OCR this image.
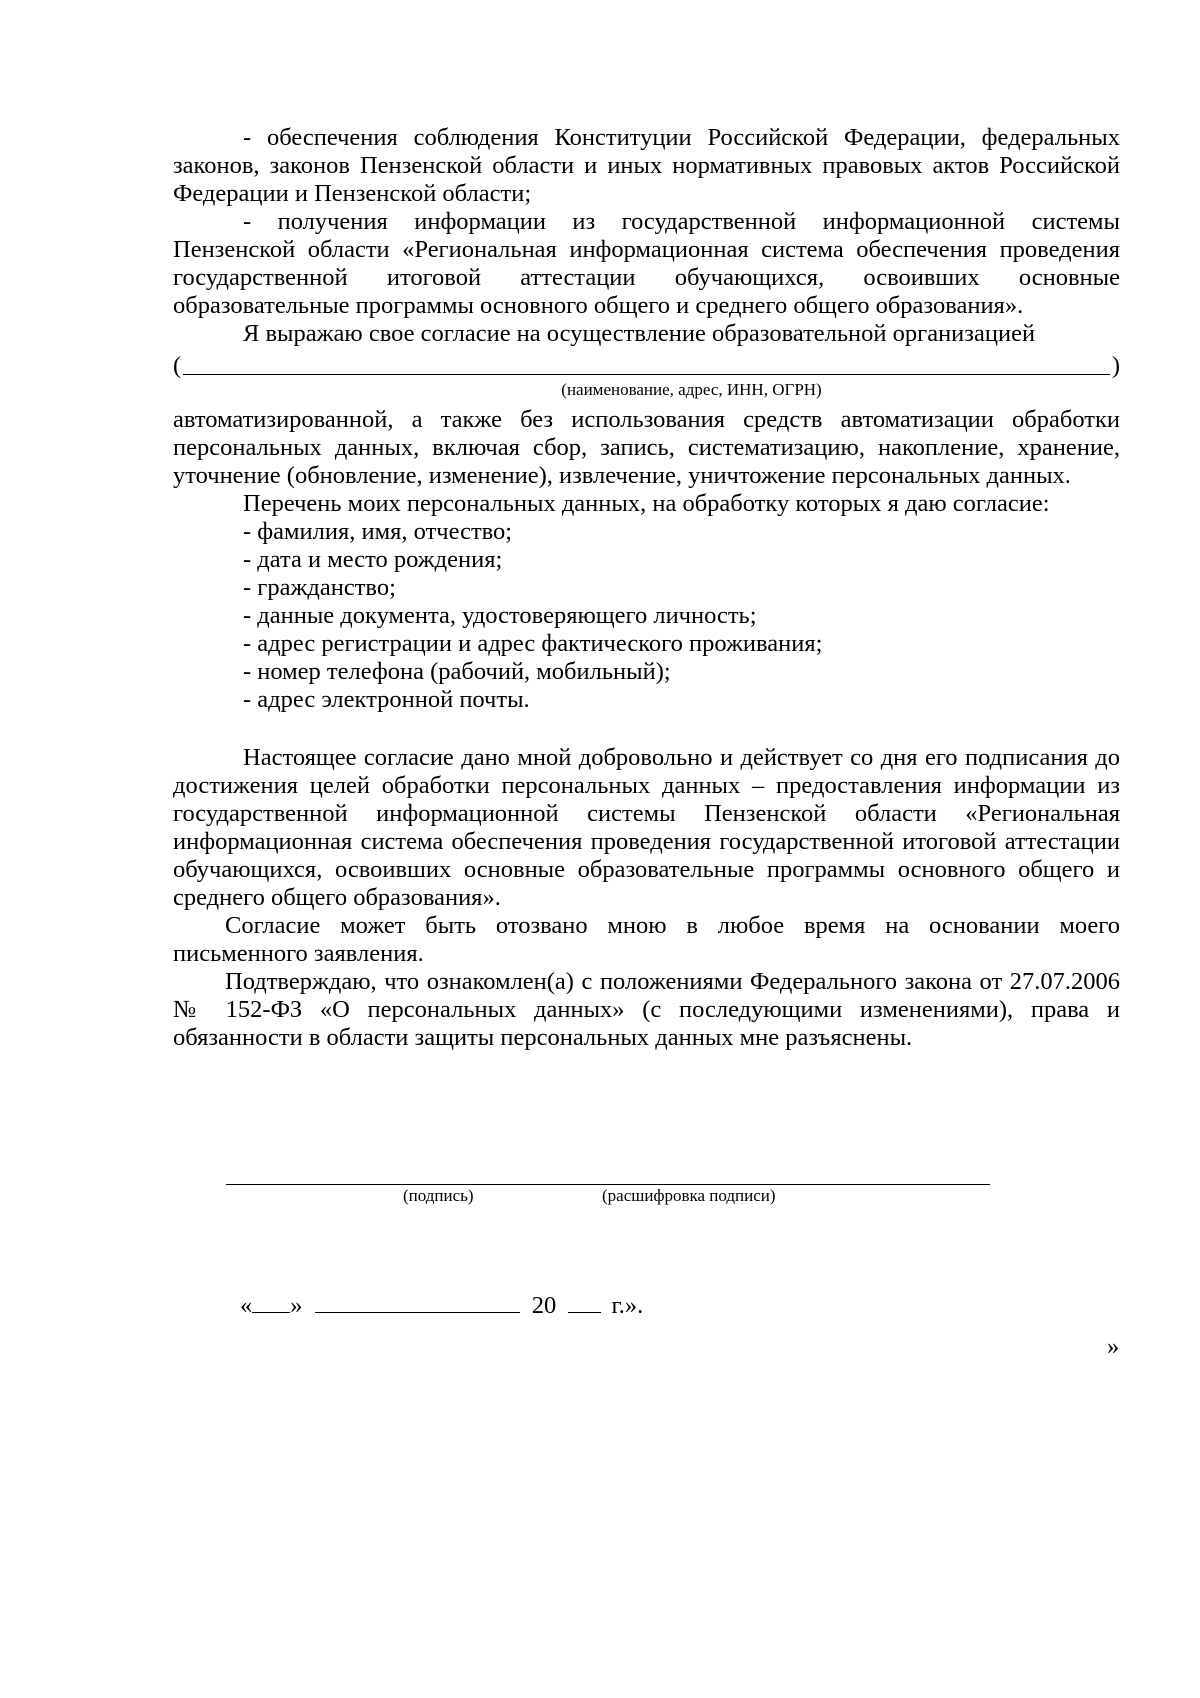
- обеспечения соблюдения Конституции Российской Федерации, федеральных законов, законов Пензенской области и иных нормативных правовых актов Российской Федерации и Пензенской области;

- получения информации из государственной информационной системы Пензенской области «Региональная информационная система обеспечения проведения государственной итоговой аттестации обучающихся, освоивших основные образовательные программы основного общего и среднего общего образования».

Я выражаю свое согласие на осуществление образовательной организацией

(	)
(наименование, адрес, ИНН, ОГРН)

автоматизированной, а также без использования средств автоматизации обработки персональных данных, включая сбор, запись, систематизацию, накопление, хранение, уточнение (обновление, изменение), извлечение, уничтожение персональных данных.

Перечень моих персональных данных, на обработку которых я даю согласие:

- фамилия, имя, отчество;

- дата и место рождения;

- гражданство;

- данные документа, удостоверяющего личность;

- адрес регистрации и адрес фактического проживания;

- номер телефона (рабочий, мобильный);

- адрес электронной почты.

Настоящее согласие дано мной добровольно и действует со дня его подписания до достижения целей обработки персональных данных – предоставления информации из государственной информационной системы Пензенской области «Региональная информационная система обеспечения проведения государственной итоговой аттестации обучающихся, освоивших основные образовательные программы основного общего и среднего общего образования».

Согласие может быть отозвано мною в любое время на основании моего письменного заявления.

Подтверждаю, что ознакомлен(а) с положениями Федерального закона от 27.07.2006 № 152-ФЗ «О персональных данных» (с последующими изменениями), права и обязанности в области защиты персональных данных мне разъяснены.

(подпись)	(расшифровка подписи)
« »	20 г.».
»
